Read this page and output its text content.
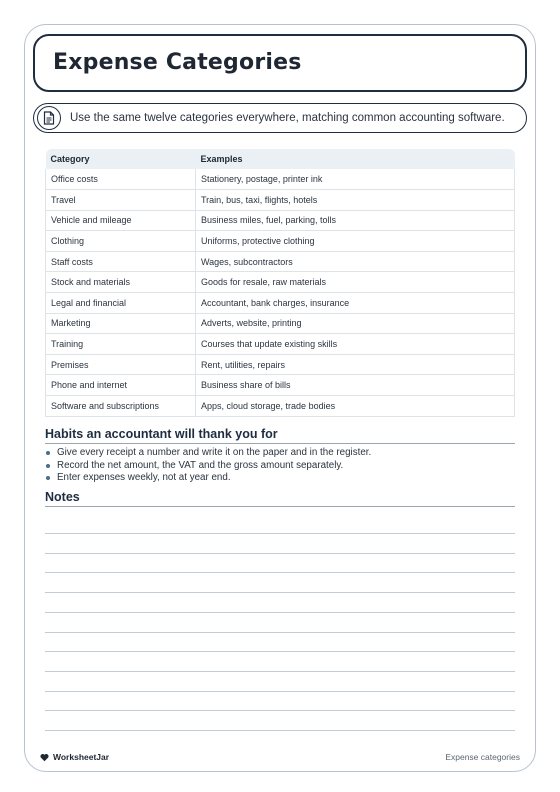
Expense Categories
Use the same twelve categories everywhere, matching common accounting software.
Category	Examples
Office costs	Stationery, postage, printer ink
Travel	Train, bus, taxi, flights, hotels
Vehicle and mileage	Business miles, fuel, parking, tolls
Clothing	Uniforms, protective clothing
Staff costs	Wages, subcontractors
Stock and materials	Goods for resale, raw materials
Legal and financial	Accountant, bank charges, insurance
Marketing	Adverts, website, printing
Training	Courses that update existing skills
Premises	Rent, utilities, repairs
Phone and internet	Business share of bills
Software and subscriptions	Apps, cloud storage, trade bodies
Habits an accountant will thank you for
Give every receipt a number and write it on the paper and in the register.
Record the net amount, the VAT and the gross amount separately.
Enter expenses weekly, not at year end.
Notes
WorksheetJar	Expense categories
